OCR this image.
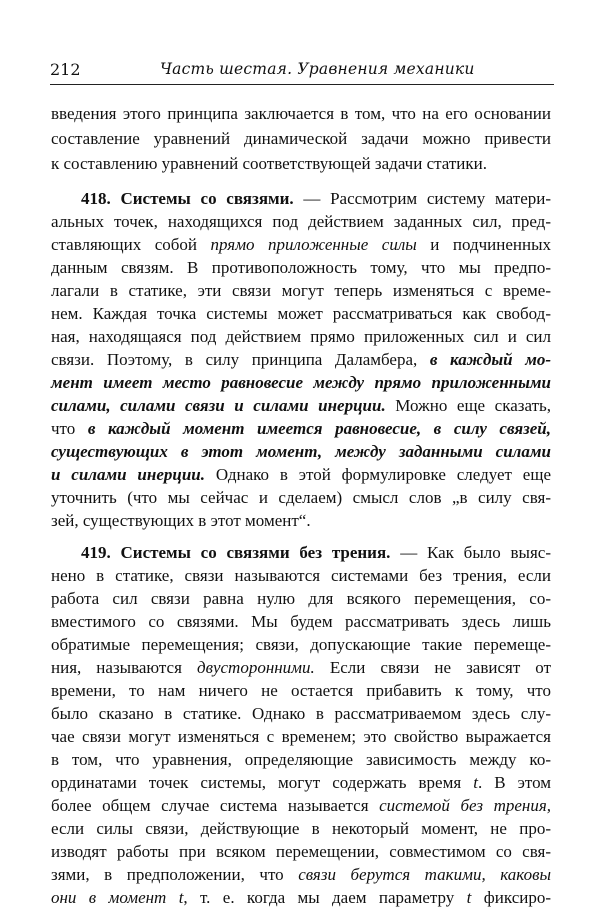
212	Часть шестая. Уравнения механики
введения этого принципа заключается в том, что на его основании
составление уравнений динамической задачи можно привести
к составлению уравнений соответствующей задачи статики.
418. Системы со связями. — Рассмотрим систему матери-
альных точек, находящихся под действием заданных сил, пред-
ставляющих собой прямо приложенные силы и подчиненных
данным связям. В противоположность тому, что мы предпо-
лагали в статике, эти связи могут теперь изменяться с време-
нем. Каждая точка системы может рассматриваться как свобод-
ная, находящаяся под действием прямо приложенных сил и сил
связи. Поэтому, в силу принципа Даламбера, в каждый мо-
мент имеет место равновесие между прямо приложенными
силами, силами связи и силами инерции. Можно еще сказать,
что в каждый момент имеется равновесие, в силу связей,
существующих в этот момент, между заданными силами
и силами инерции. Однако в этой формулировке следует еще
уточнить (что мы сейчас и сделаем) смысл слов „в силу свя-
зей, существующих в этот момент“.
419. Системы со связями без трения. — Как было выяс-
нено в статике, связи называются системами без трения, если
работа сил связи равна нулю для всякого перемещения, со-
вместимого со связями. Мы будем рассматривать здесь лишь
обратимые перемещения; связи, допускающие такие перемеще-
ния, называются двусторонними. Если связи не зависят от
времени, то нам ничего не остается прибавить к тому, что
было сказано в статике. Однако в рассматриваемом здесь слу-
чае связи могут изменяться с временем; это свойство выражается
в том, что уравнения, определяющие зависимость между ко-
ординатами точек системы, могут содержать время t. В этом
более общем случае система называется системой без трения,
если силы связи, действующие в некоторый момент, не про-
изводят работы при всяком перемещении, совместимом со свя-
зями, в предположении, что связи берутся такими, каковы
они в момент t, т. е. когда мы даем параметру t фиксиро-
